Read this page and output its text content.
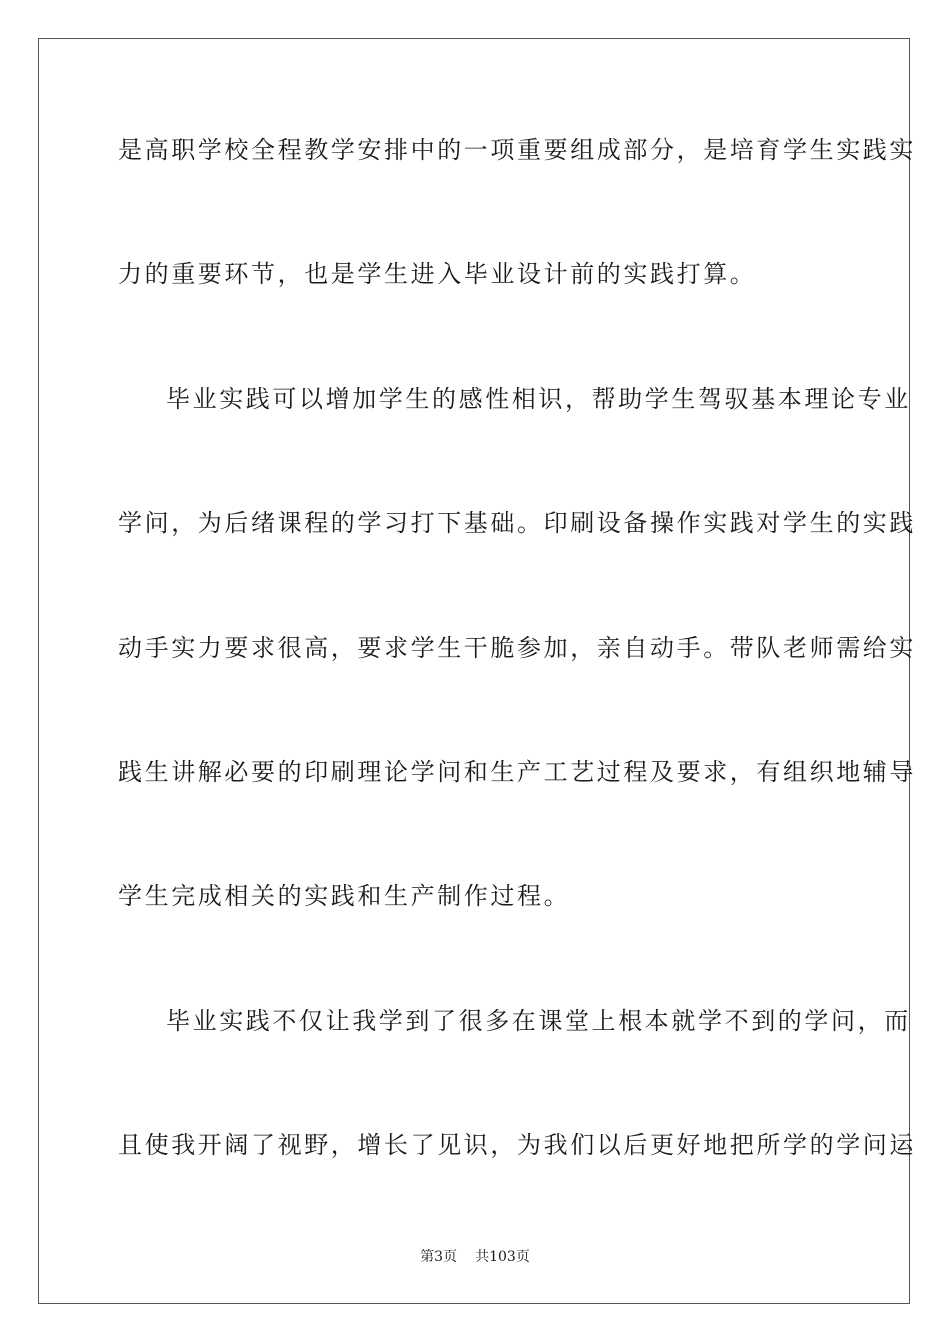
是高职学校全程教学安排中的一项重要组成部分，是培育学生实践实
力的重要环节，也是学生进入毕业设计前的实践打算。
毕业实践可以增加学生的感性相识，帮助学生驾驭基本理论专业
学问，为后绪课程的学习打下基础。印刷设备操作实践对学生的实践
动手实力要求很高，要求学生干脆参加，亲自动手。带队老师需给实
践生讲解必要的印刷理论学问和生产工艺过程及要求，有组织地辅导
学生完成相关的实践和生产制作过程。
毕业实践不仅让我学到了很多在课堂上根本就学不到的学问，而
且使我开阔了视野，增长了见识，为我们以后更好地把所学的学问运
第3页 共103页
